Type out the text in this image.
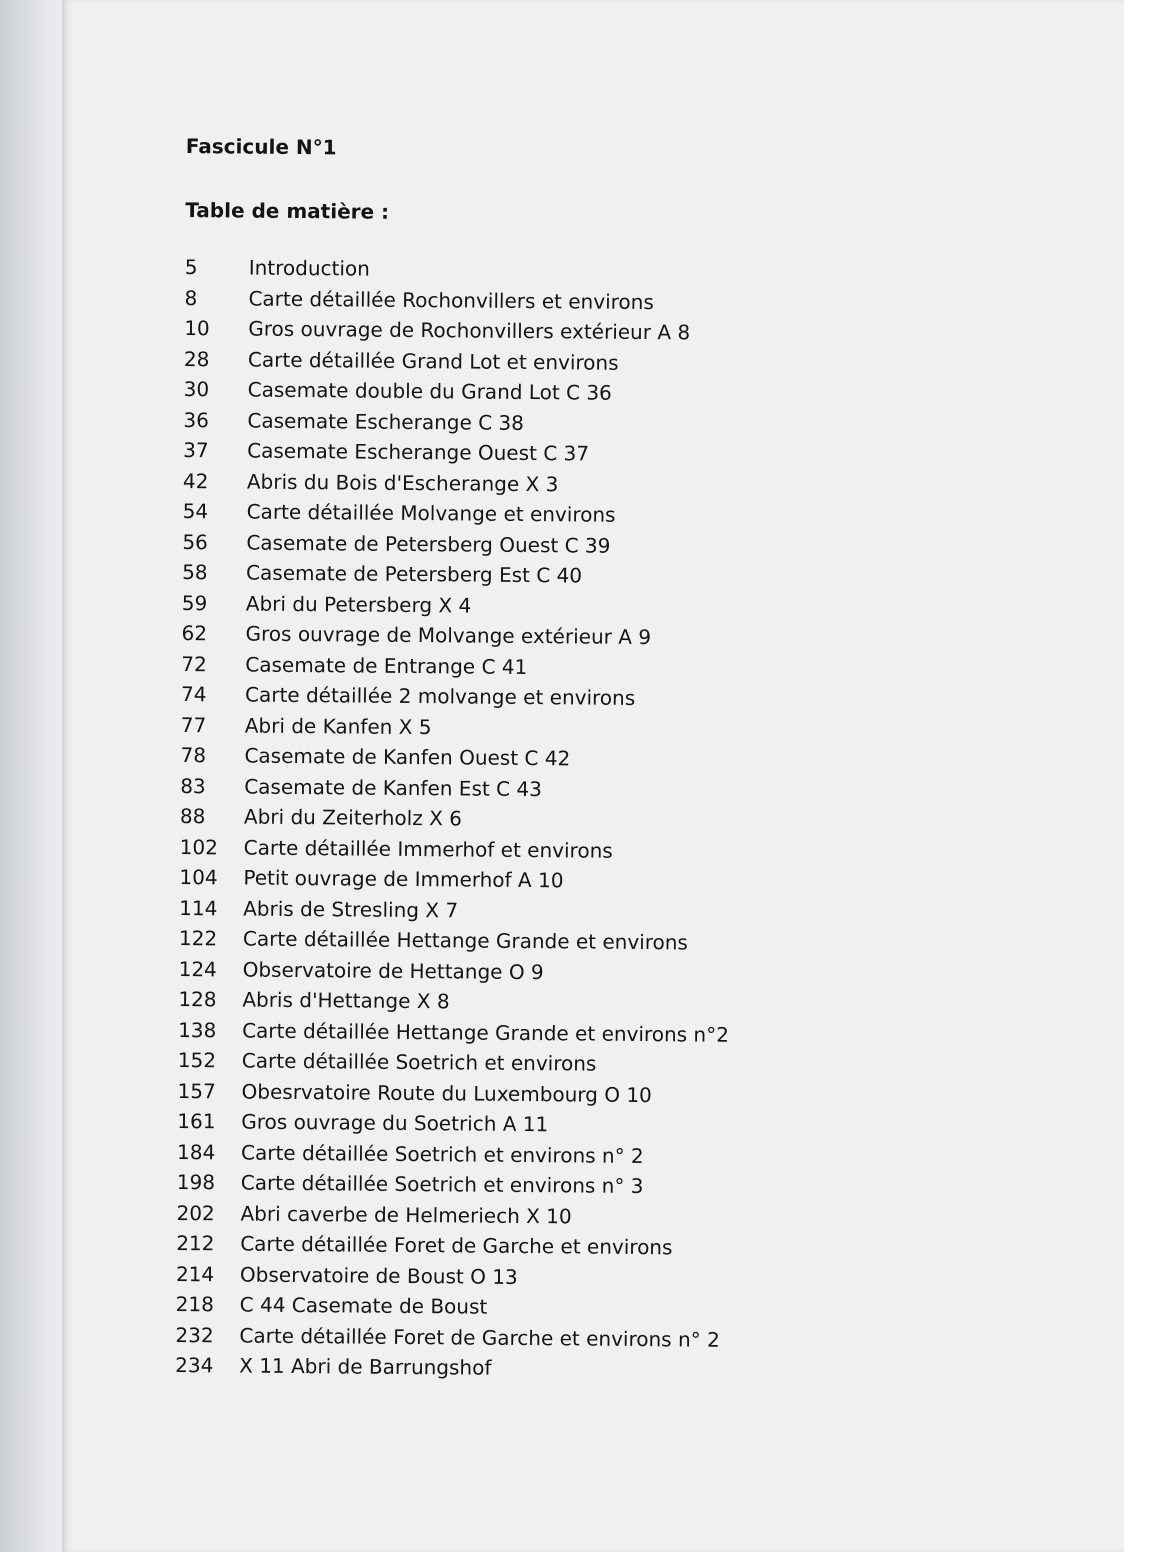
Fascicule N°1
Table de matière :
5	Introduction
8	Carte détaillée Rochonvillers et environs
10 Gros ouvrage de Rochonvillers extérieur A 8
28 Carte détaillée Grand Lot et environs
30 Casemate double du Grand Lot C 36
36 Casemate Escherange C 38
37 Casemate Escherange Ouest C 37
42 Abris du Bois d'Escherange X 3
54 Carte détaillée Molvange et environs
56 Casemate de Petersberg Ouest C 39
58 Casemate de Petersberg Est C 40
59 Abri du Petersberg X 4
62 Gros ouvrage de Molvange extérieur A 9
72 Casemate de Entrange C 41
74 Carte détaillée 2 molvange et environs
77 Abri de Kanfen X 5
78 Casemate de Kanfen Ouest C 42
83 Casemate de Kanfen Est C 43
88 Abri du Zeiterholz X 6
102 Carte détaillée Immerhof et environs
104 Petit ouvrage de Immerhof A 10
114 Abris de Stresling X 7
122 Carte détaillée Hettange Grande et environs
124 Observatoire de Hettange O 9
128 Abris d'Hettange X 8
138 Carte détaillée Hettange Grande et environs n°2
152 Carte détaillée Soetrich et environs
157 Obesrvatoire Route du Luxembourg O 10
161 Gros ouvrage du Soetrich A 11
184 Carte détaillée Soetrich et environs n° 2
198 Carte détaillée Soetrich et environs n° 3
202 Abri caverbe de Helmeriech X 10
212 Carte détaillée Foret de Garche et environs
214 Observatoire de Boust O 13
218 C 44 Casemate de Boust
232 Carte détaillée Foret de Garche et environs n° 2
234 X 11 Abri de Barrungshof
